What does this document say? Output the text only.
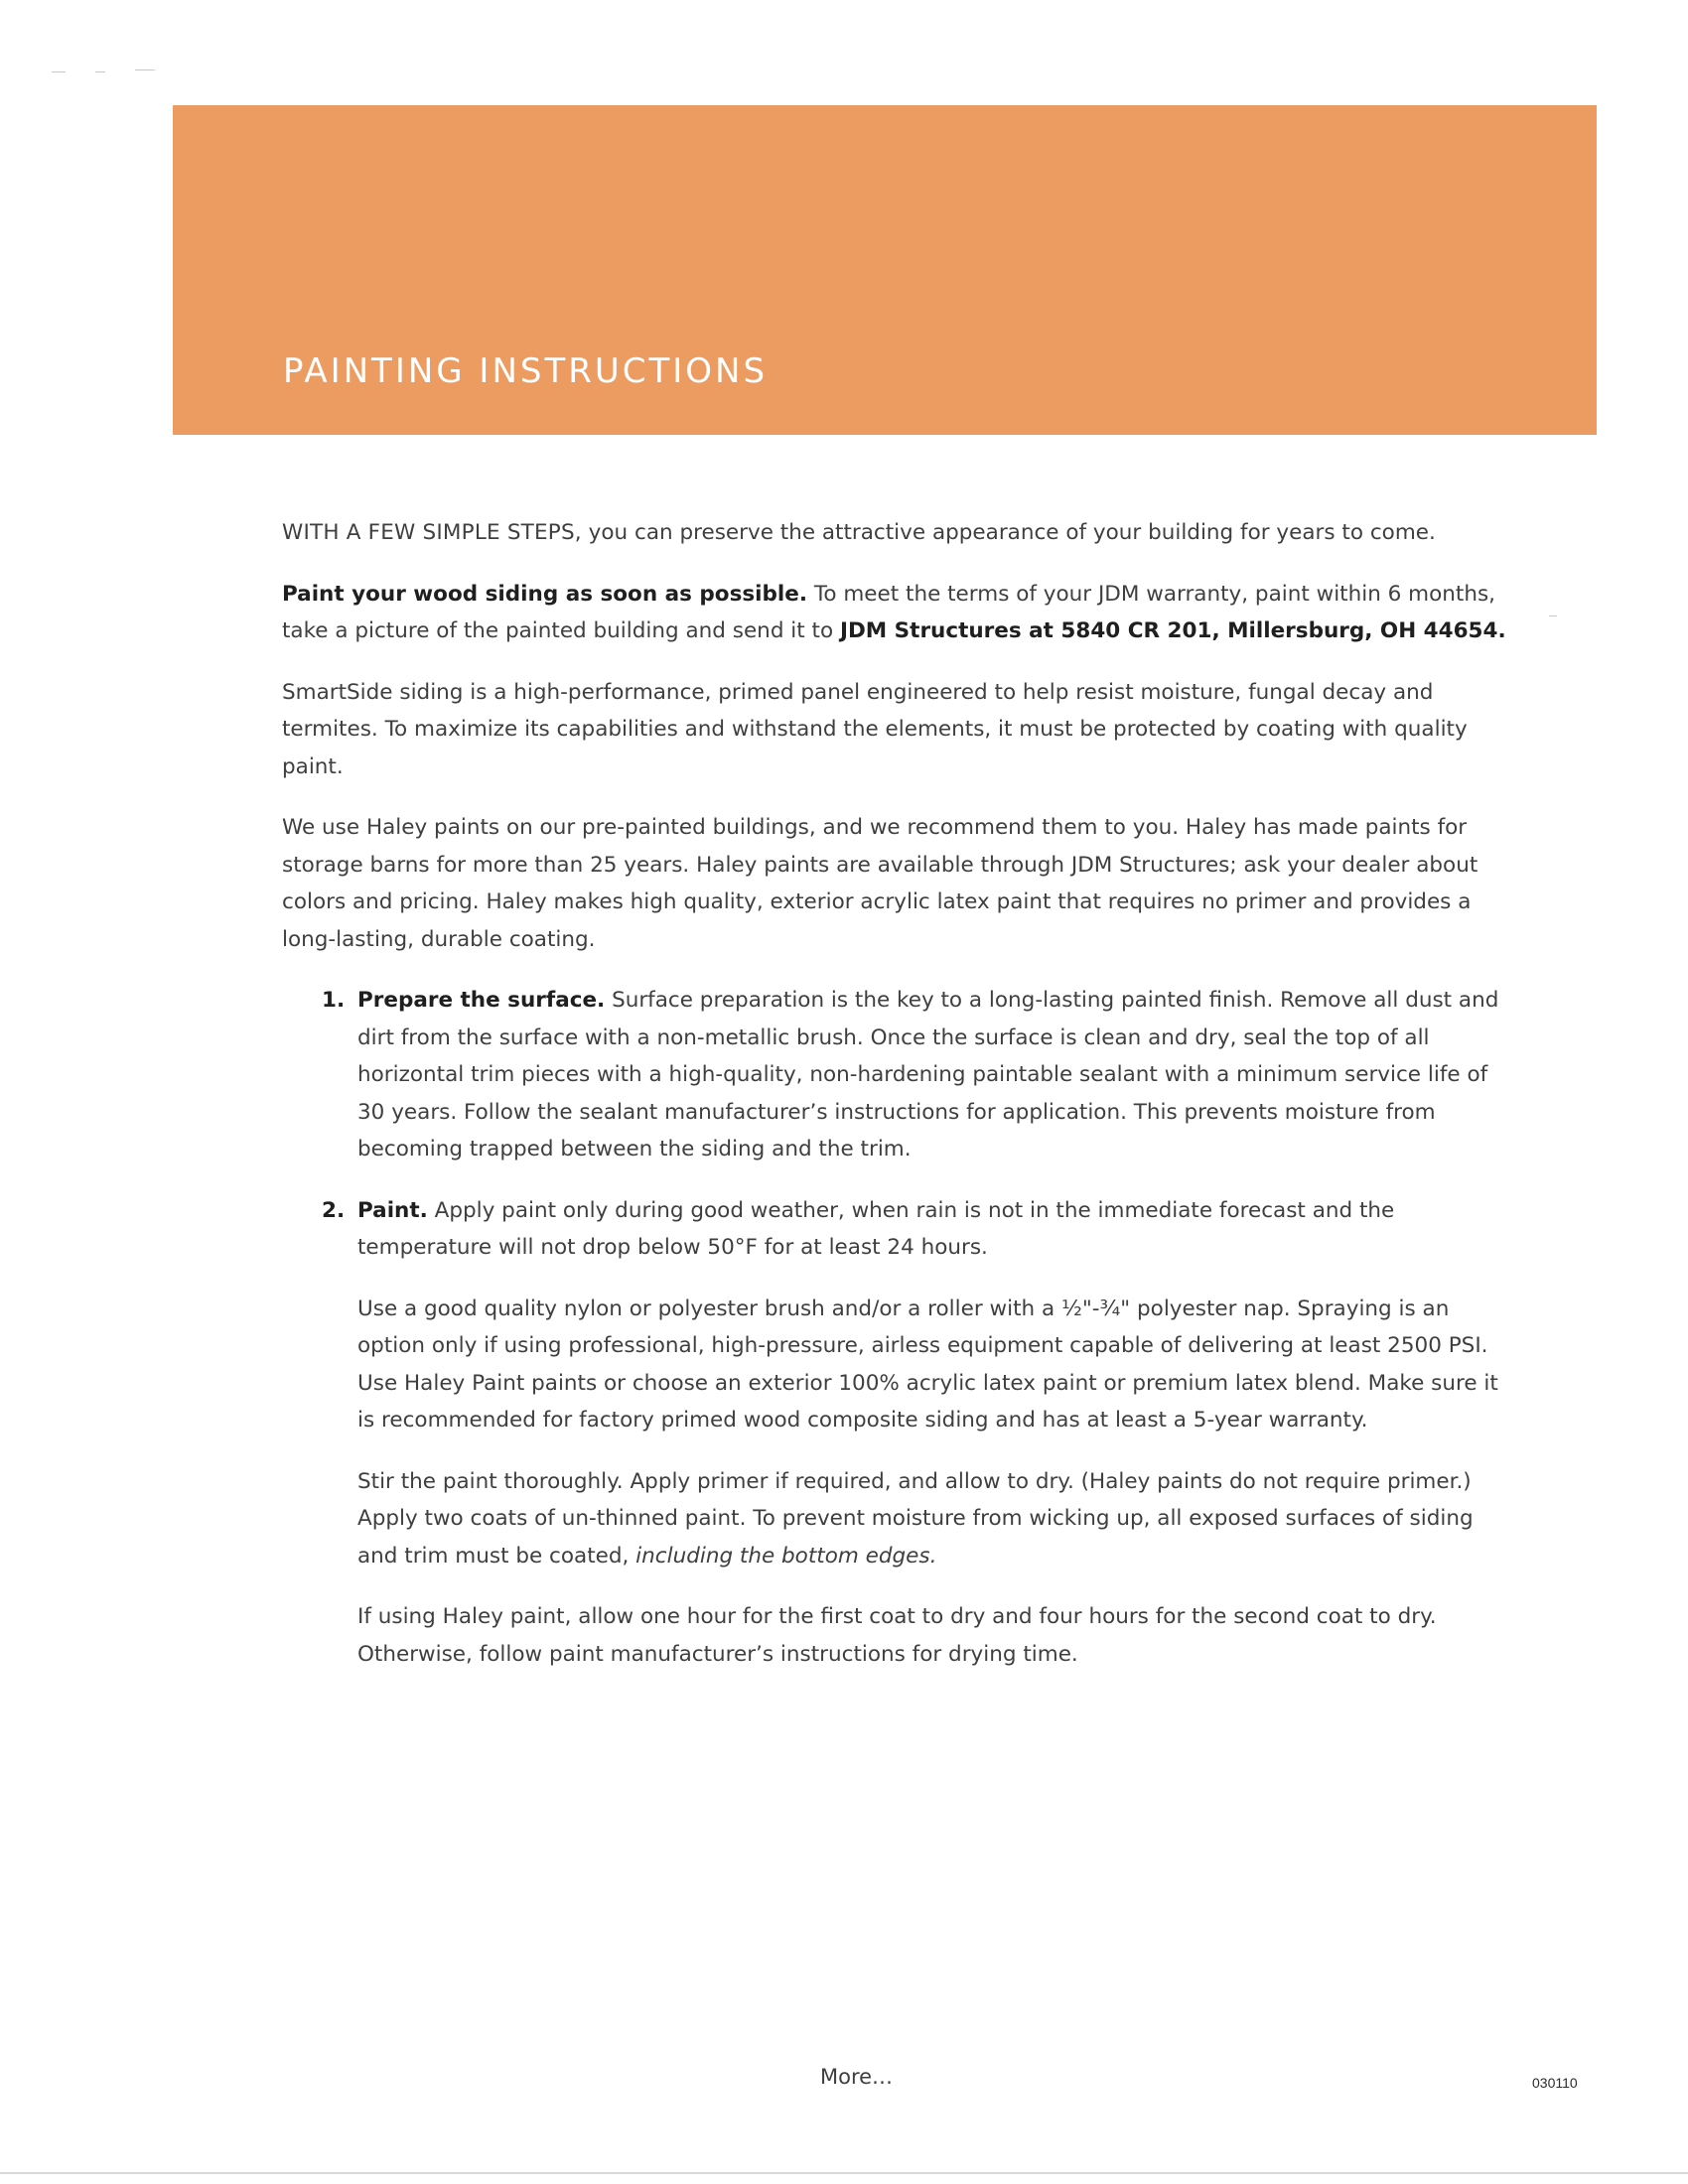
PAINTING INSTRUCTIONS

WITH A FEW SIMPLE STEPS, you can preserve the attractive appearance of your building for years to come.

Paint your wood siding as soon as possible. To meet the terms of your JDM warranty, paint within 6 months, take a picture of the painted building and send it to JDM Structures at 5840 CR 201, Millersburg, OH 44654.

SmartSide siding is a high-performance, primed panel engineered to help resist moisture, fungal decay and termites. To maximize its capabilities and withstand the elements, it must be protected by coating with quality paint.

We use Haley paints on our pre-painted buildings, and we recommend them to you. Haley has made paints for storage barns for more than 25 years. Haley paints are available through JDM Structures; ask your dealer about colors and pricing. Haley makes high quality, exterior acrylic latex paint that requires no primer and provides a long-lasting, durable coating.

1. Prepare the surface. Surface preparation is the key to a long-lasting painted finish. Remove all dust and dirt from the surface with a non-metallic brush. Once the surface is clean and dry, seal the top of all horizontal trim pieces with a high-quality, non-hardening paintable sealant with a minimum service life of 30 years. Follow the sealant manufacturer’s instructions for application. This prevents moisture from becoming trapped between the siding and the trim.

2. Paint. Apply paint only during good weather, when rain is not in the immediate forecast and the temperature will not drop below 50°F for at least 24 hours.

Use a good quality nylon or polyester brush and/or a roller with a ½"-¾" polyester nap. Spraying is an option only if using professional, high-pressure, airless equipment capable of delivering at least 2500 PSI. Use Haley Paint paints or choose an exterior 100% acrylic latex paint or premium latex blend. Make sure it is recommended for factory primed wood composite siding and has at least a 5-year warranty.

Stir the paint thoroughly. Apply primer if required, and allow to dry. (Haley paints do not require primer.) Apply two coats of un-thinned paint. To prevent moisture from wicking up, all exposed surfaces of siding and trim must be coated, including the bottom edges.

If using Haley paint, allow one hour for the first coat to dry and four hours for the second coat to dry. Otherwise, follow paint manufacturer’s instructions for drying time.

More…	030110
